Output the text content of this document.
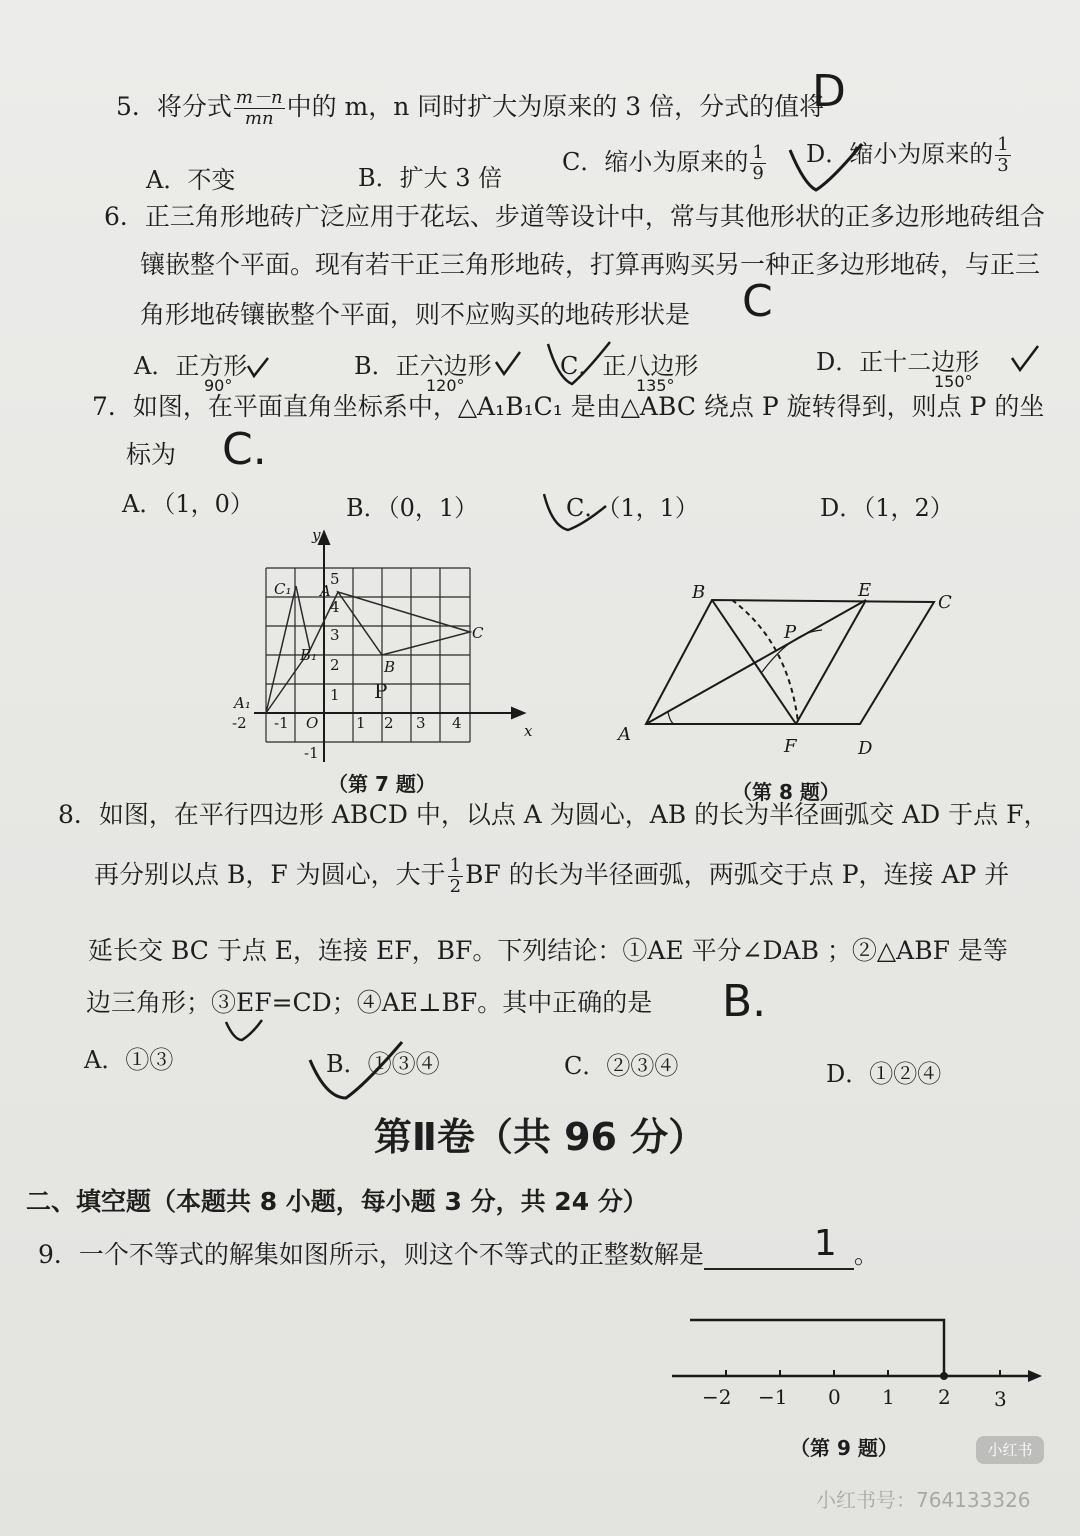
5．将分式 $\frac{m-n}{mn}$ 中的 m，n 同时扩大为原来的 3 倍，分式的值将
D
A．不变	B．扩大 3 倍
C．缩小为原来的 $\frac{1}{9}$ D．缩小为原来的 $\frac{1}{3}$
6．正三角形地砖广泛应用于花坛、步道等设计中，常与其他形状的正多边形地砖组合
镶嵌整个平面。现有若干正三角形地砖，打算再购买另一种正多边形地砖，与正三
角形地砖镶嵌整个平面，则不应购买的地砖形状是 C
A．正方形	B．正六边形	C．正八边形	D．正十二边形
90°	120°	135°	150°
7．如图，在平面直角坐标系中，△A₁B₁C₁ 是由△ABC 绕点 P 旋转得到，则点 P 的坐
标为 C.
A．（1，0）	B．（0，1）	C．（1，1）	D．（1，2）
x
y
O
-2 -1	1 2 3 4
-1
1
2
3
4
5
A
B
C
A₁
B₁
C₁
P
（第 7 题）
A
B	C
D
E
F
P
（第 8 题）
8．如图，在平行四边形 ABCD 中，以点 A 为圆心，AB 的长为半径画弧交 AD 于点 F，
再分别以点 B，F 为圆心，大于 $\frac{1}{2}$ BF 的长为半径画弧，两弧交于点 P，连接 AP 并
延长交 BC 于点 E，连接 EF，BF。下列结论：①AE 平分∠DAB ；②△ABF 是等
边三角形；③EF=CD；④AE⊥BF。其中正确的是 B.
A．①③	B．①③④	C．②③④	D．①②④
第Ⅱ卷（共 96 分）
二、填空题（本题共 8 小题，每小题 3 分，共 24 分）
9．一个不等式的解集如图所示，则这个不等式的正整数解是	1 。
−2 −1 0 1 2 3
（第 9 题）	小红书
小红书号：764133326
